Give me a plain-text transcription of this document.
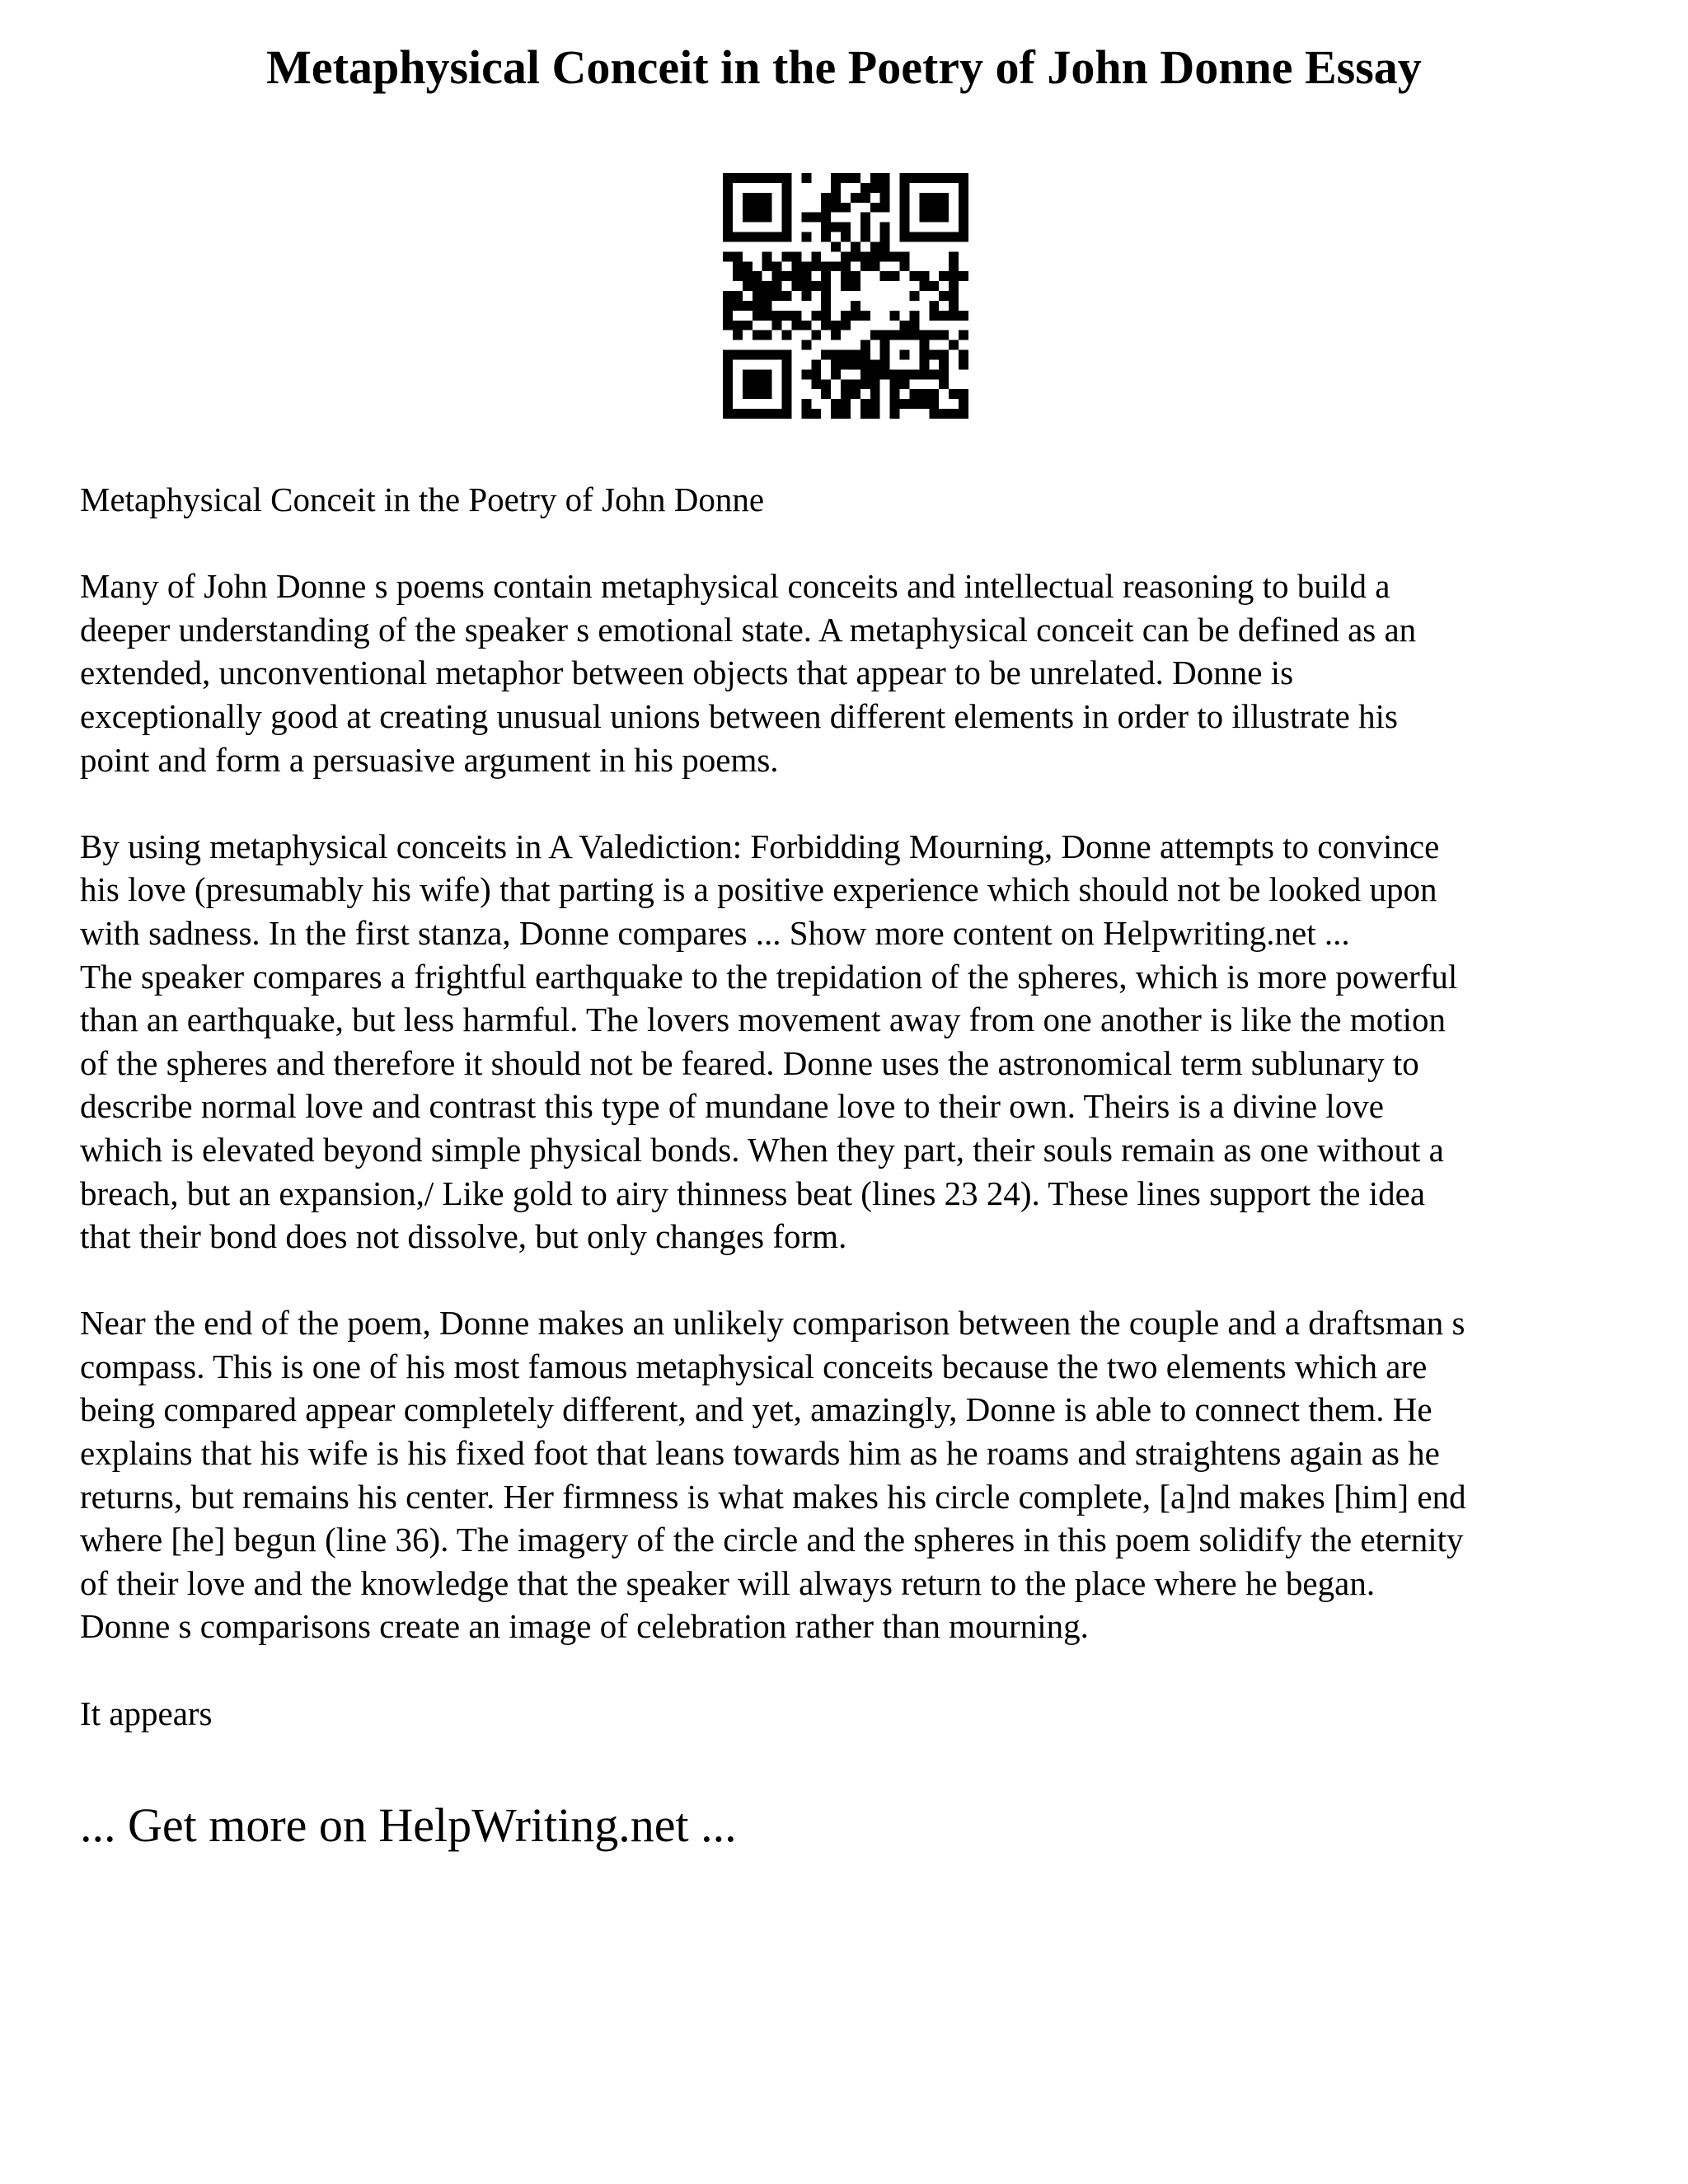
Metaphysical Conceit in the Poetry of John Donne Essay

Metaphysical Conceit in the Poetry of John Donne

Many of John Donne s poems contain metaphysical conceits and intellectual reasoning to build a
deeper understanding of the speaker s emotional state. A metaphysical conceit can be defined as an
extended, unconventional metaphor between objects that appear to be unrelated. Donne is
exceptionally good at creating unusual unions between different elements in order to illustrate his
point and form a persuasive argument in his poems.

By using metaphysical conceits in A Valediction: Forbidding Mourning, Donne attempts to convince
his love (presumably his wife) that parting is a positive experience which should not be looked upon
with sadness. In the first stanza, Donne compares ... Show more content on Helpwriting.net ...

The speaker compares a frightful earthquake to the trepidation of the spheres, which is more powerful
than an earthquake, but less harmful. The lovers movement away from one another is like the motion
of the spheres and therefore it should not be feared. Donne uses the astronomical term sublunary to
describe normal love and contrast this type of mundane love to their own. Theirs is a divine love
which is elevated beyond simple physical bonds. When they part, their souls remain as one without a
breach, but an expansion,/ Like gold to airy thinness beat (lines 23 24). These lines support the idea
that their bond does not dissolve, but only changes form.

Near the end of the poem, Donne makes an unlikely comparison between the couple and a draftsman s
compass. This is one of his most famous metaphysical conceits because the two elements which are
being compared appear completely different, and yet, amazingly, Donne is able to connect them. He
explains that his wife is his fixed foot that leans towards him as he roams and straightens again as he
returns, but remains his center. Her firmness is what makes his circle complete, [a]nd makes [him] end
where [he] begun (line 36). The imagery of the circle and the spheres in this poem solidify the eternity
of their love and the knowledge that the speaker will always return to the place where he began.
Donne s comparisons create an image of celebration rather than mourning.

It appears

... Get more on HelpWriting.net ...
